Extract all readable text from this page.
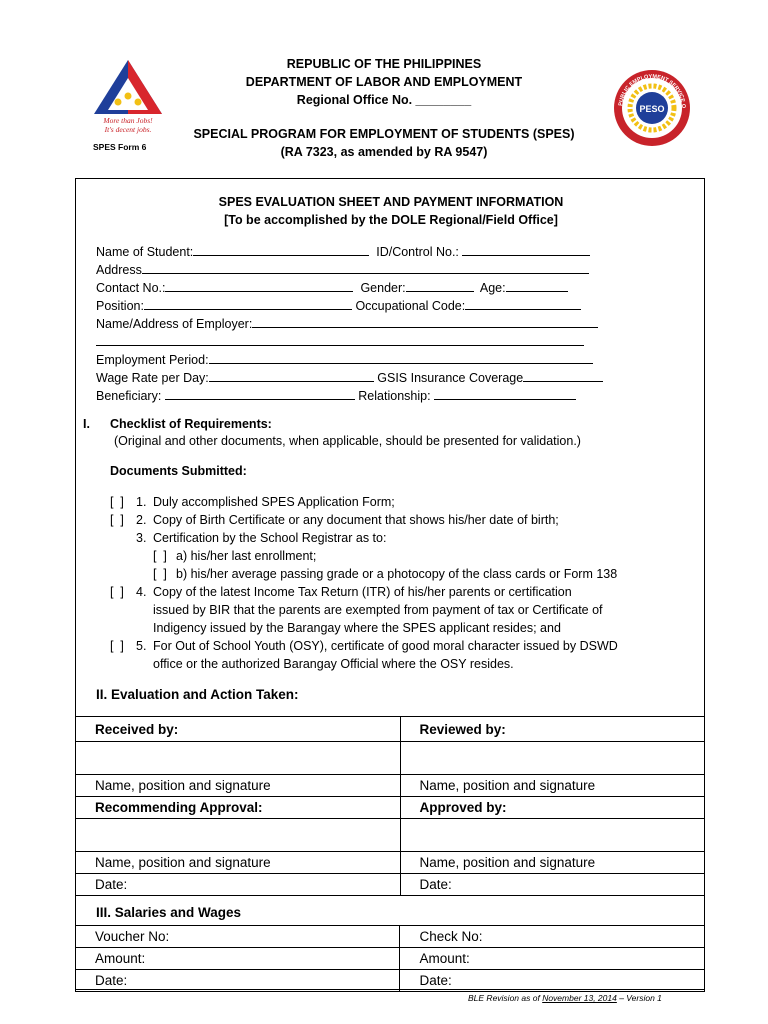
More than Jobs!
It's decent jobs.
PESO
PUBLIC EMPLOYMENT SERVICE O
REPUBLIC OF THE PHILIPPINES
DEPARTMENT OF LABOR AND EMPLOYMENT
Regional Office No. ________
SPECIAL PROGRAM FOR EMPLOYMENT OF STUDENTS (SPES)
(RA 7323, as amended by RA 9547)
SPES Form 6
SPES EVALUATION SHEET AND PAYMENT INFORMATION
[To be accomplished by the DOLE Regional/Field Office]
Name of Student:	ID/Control No.:
Address
Contact No.:	Gender:	Age:
Position:	Occupational Code:
Name/Address of Employer:
Employment Period:
Wage Rate per Day:	GSIS Insurance Coverage
Beneficiary:	Relationship:
I. Checklist of Requirements:
(Original and other documents, when applicable, should be presented for validation.)
Documents Submitted:
[  ] 1. Duly accomplished SPES Application Form;
[  ] 2. Copy of Birth Certificate or any document that shows his/her date of birth;
3. Certification by the School Registrar as to:
[  ] a) his/her last enrollment;
[  ] b) his/her average passing grade or a photocopy of the class cards or Form 138
[  ] 4. Copy of the latest Income Tax Return (ITR) of his/her parents or certification
issued by BIR that the parents are exempted from payment of tax or Certificate of
Indigency issued by the Barangay where the SPES applicant resides; and
[  ] 5. For Out of School Youth (OSY), certificate of good moral character issued by DSWD
office or the authorized Barangay Official where the OSY resides.
II. Evaluation and Action Taken:
Received by:	Reviewed by:

Name, position and signature	Name, position and signature
Recommending Approval:	Approved by:

Name, position and signature	Name, position and signature
Date:	Date:
III. Salaries and Wages
Voucher No:	Check No:
Amount:	Amount:
Date:	Date:
BLE Revision as of November 13, 2014 – Version 1
